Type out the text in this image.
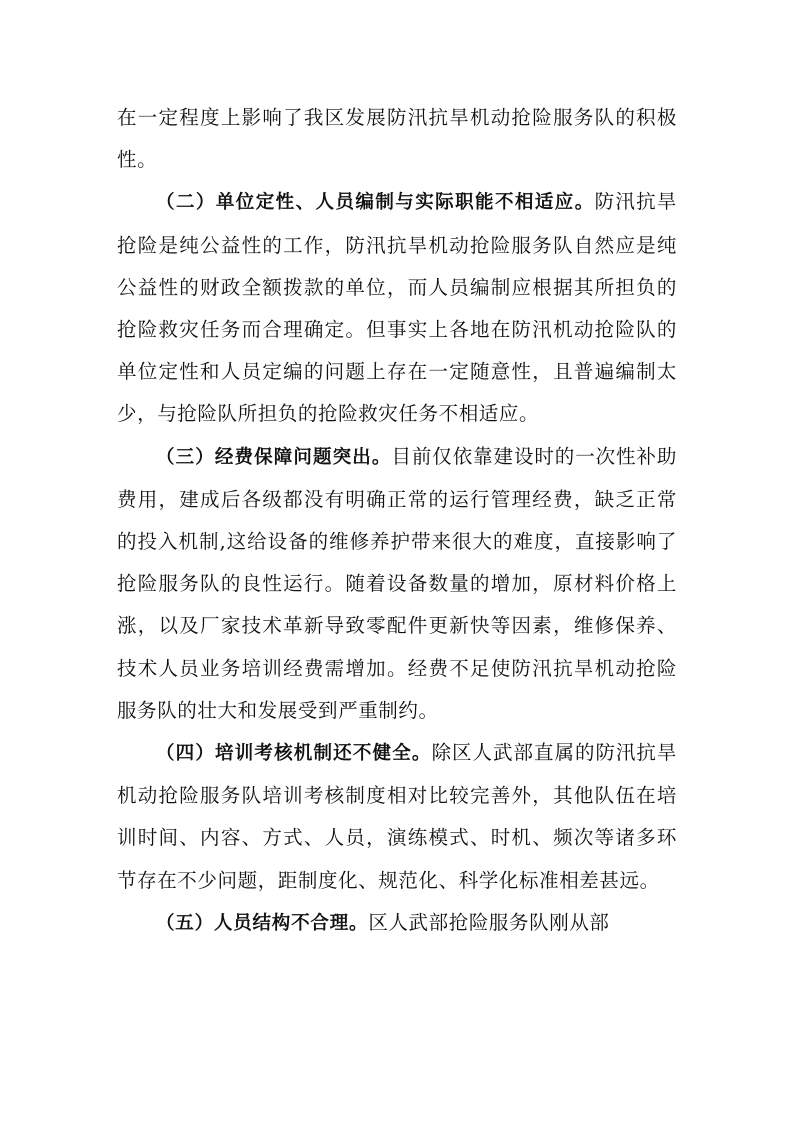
在一定程度上影响了我区发展防汛抗旱机动抢险服务队的积极性。

（二）单位定性、人员编制与实际职能不相适应。防汛抗旱抢险是纯公益性的工作，防汛抗旱机动抢险服务队自然应是纯公益性的财政全额拨款的单位，而人员编制应根据其所担负的抢险救灾任务而合理确定。但事实上各地在防汛机动抢险队的单位定性和人员定编的问题上存在一定随意性，且普遍编制太少，与抢险队所担负的抢险救灾任务不相适应。

（三）经费保障问题突出。目前仅依靠建设时的一次性补助费用，建成后各级都没有明确正常的运行管理经费，缺乏正常的投入机制,这给设备的维修养护带来很大的难度，直接影响了抢险服务队的良性运行。随着设备数量的增加，原材料价格上涨，以及厂家技术革新导致零配件更新快等因素，维修保养、技术人员业务培训经费需增加。经费不足使防汛抗旱机动抢险服务队的壮大和发展受到严重制约。

（四）培训考核机制还不健全。除区人武部直属的防汛抗旱机动抢险服务队培训考核制度相对比较完善外，其他队伍在培训时间、内容、方式、人员，演练模式、时机、频次等诸多环节存在不少问题，距制度化、规范化、科学化标准相差甚远。

（五）人员结构不合理。区人武部抢险服务队刚从部
